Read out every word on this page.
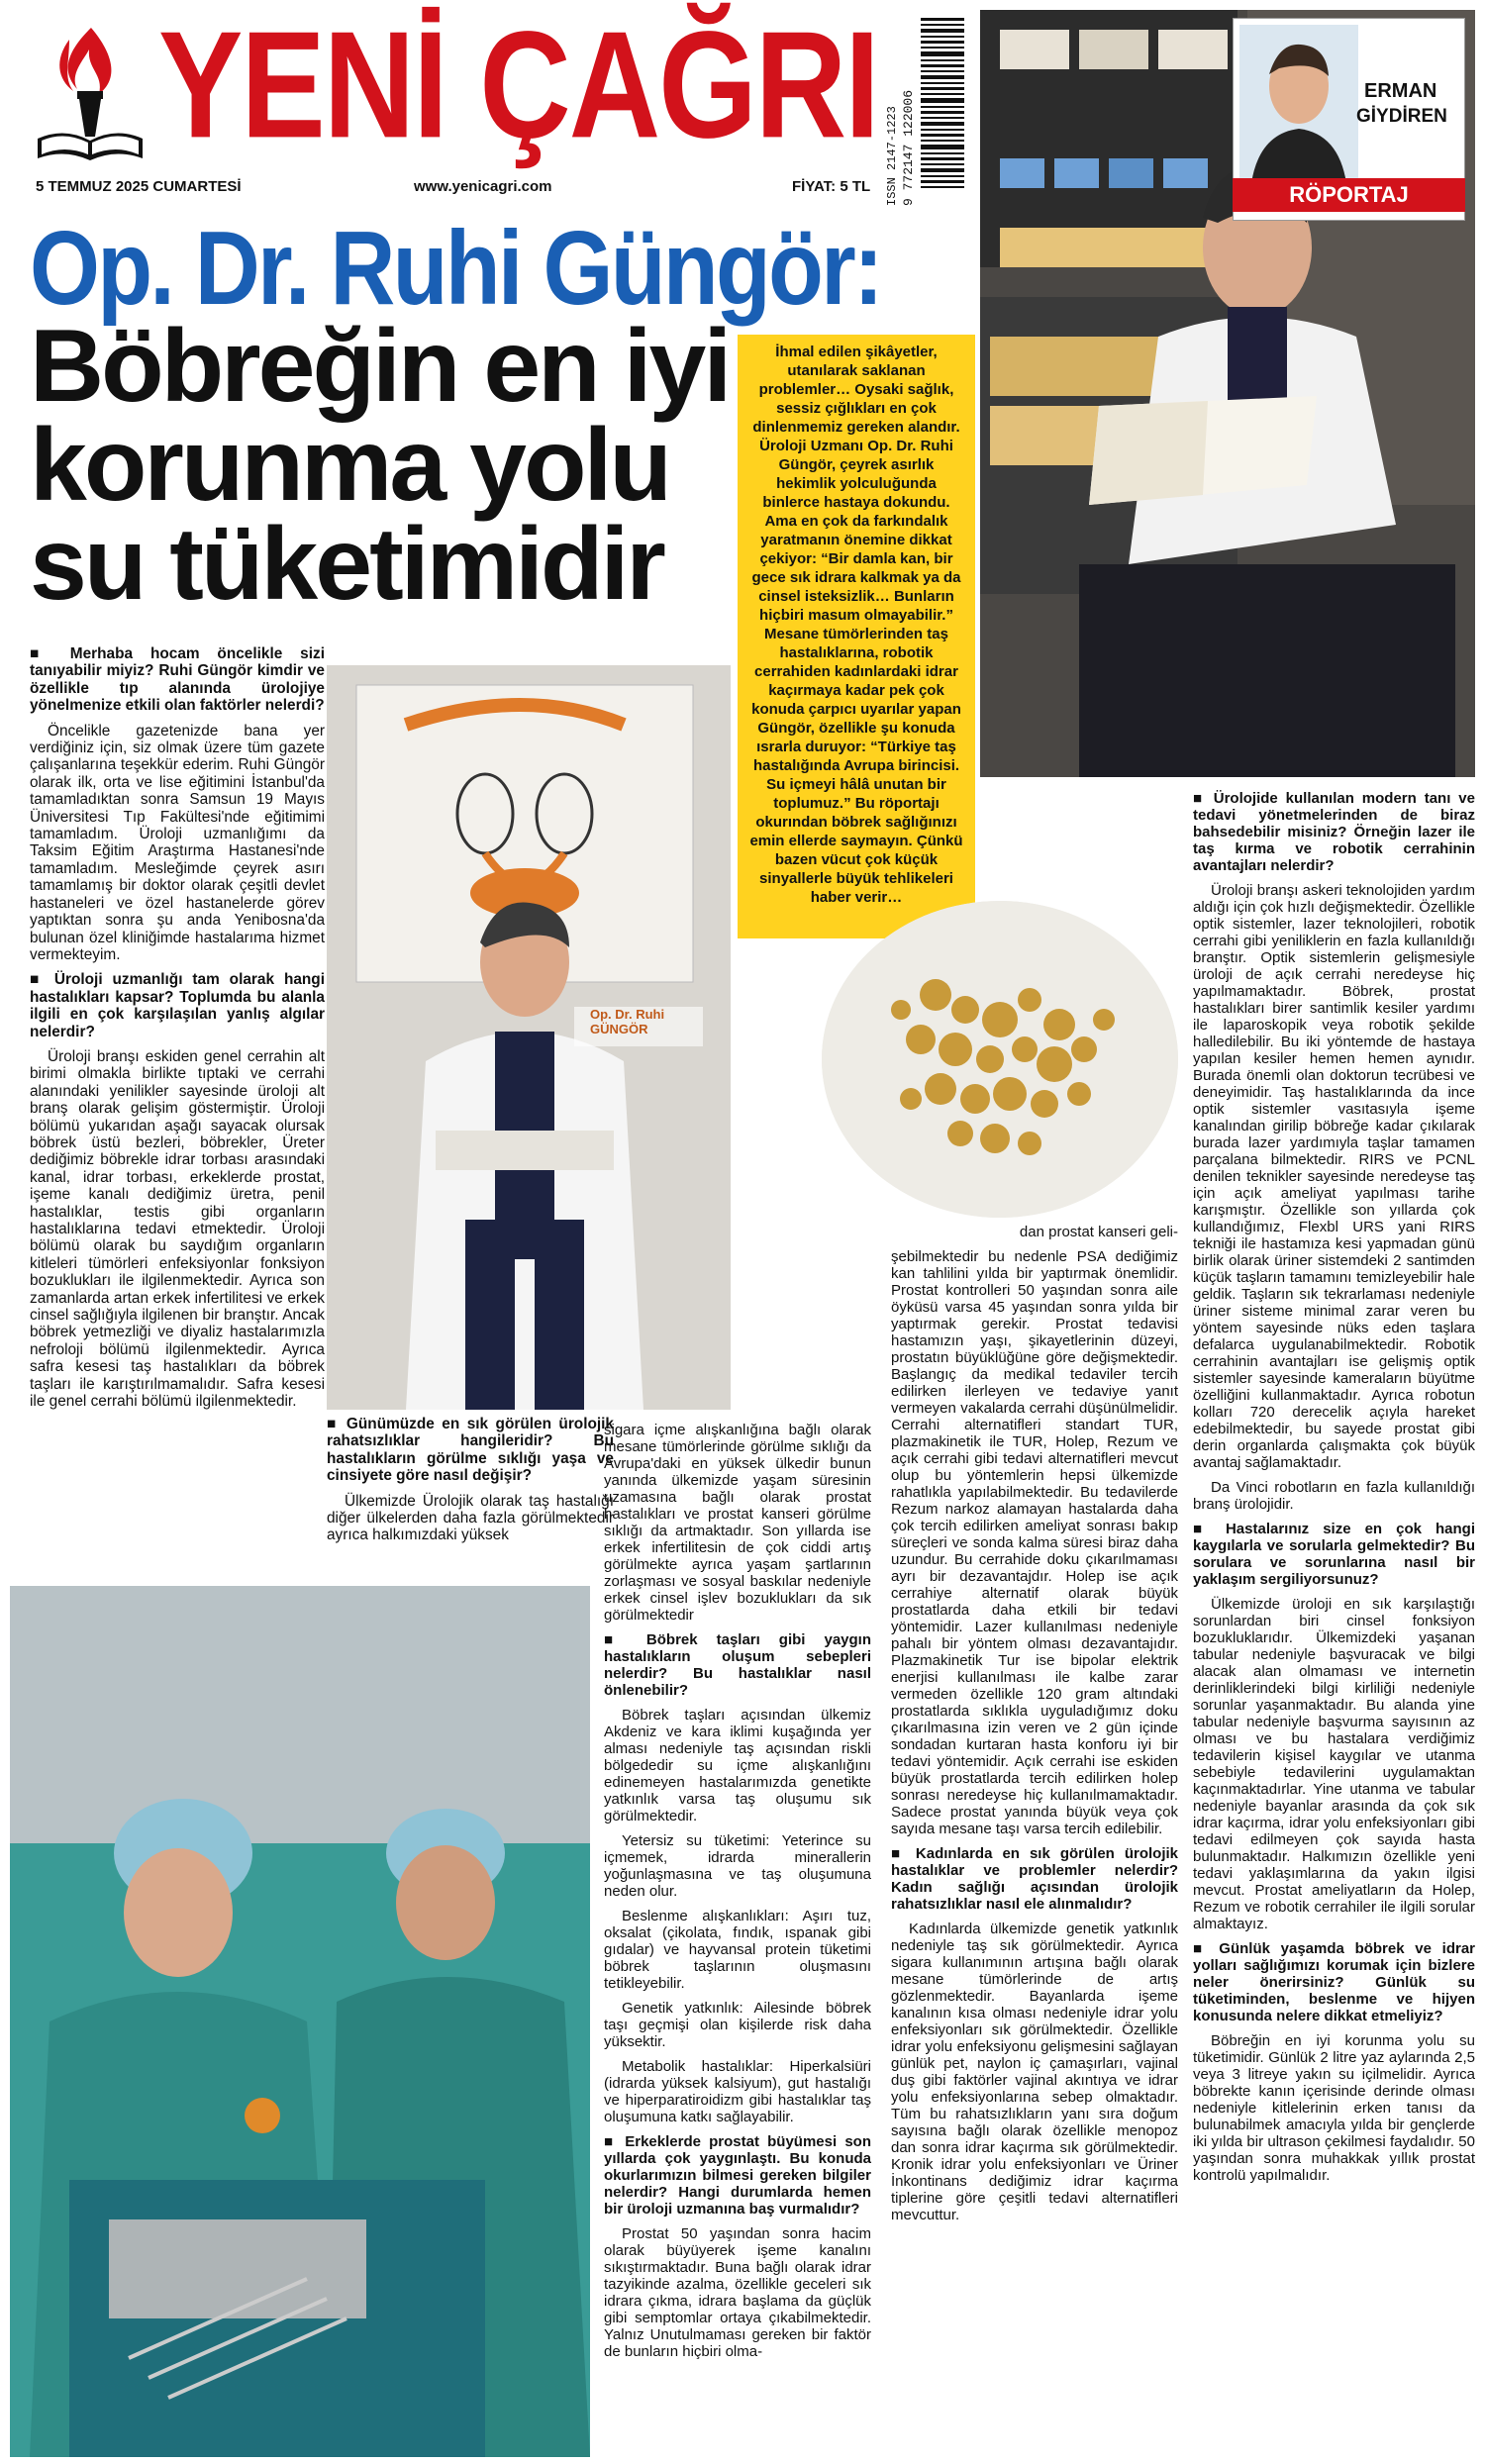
YENİ ÇAĞRI
5 TEMMUZ 2025 CUMARTESİ	www.yenicagri.com	FİYAT: 5 TL ISSN 2147-1223 9 772147 122006	ERMAN
GİYDİREN
RÖPORTAJ
Op. Dr. Ruhi Güngör:
Böbreğin en iyi korunma yolu su tüketimidir
İhmal edilen şikâyetler, utanılarak saklanan problemler… Oysaki sağlık, sessiz çığlıkları en çok dinlenmemiz gereken alandır. Üroloji Uzmanı Op. Dr. Ruhi Güngör, çeyrek asırlık hekimlik yolculuğunda binlerce hastaya dokundu. Ama en çok da farkındalık yaratmanın önemine dikkat çekiyor: “Bir damla kan, bir gece sık idrara kalkmak ya da cinsel isteksizlik… Bunların hiçbiri masum olmayabilir.” Mesane tümörlerinden taş hastalıklarına, robotik cerrahiden kadınlardaki idrar kaçırmaya kadar pek çok konuda çarpıcı uyarılar yapan Güngör, özellikle şu konuda ısrarla duruyor: “Türkiye taş hastalığında Avrupa birincisi. Su içmeyi hâlâ unutan bir toplumuz.” Bu röportajı okurından böbrek sağlığınızı emin ellerde saymayın. Çünkü bazen vücut çok küçük sinyallerle büyük tehlikeleri haber verir…
Op. Dr. Ruhi GÜNGÖR

■ Merhaba hocam öncelikle sizi tanıyabilir miyiz? Ruhi Güngör kimdir ve özellikle tıp alanında ürolojiye yönelmenize etkili olan faktörler nelerdi?

Öncelikle gazetenizde bana yer verdiğiniz için, siz olmak üzere tüm gazete çalışanlarına teşekkür ederim. Ruhi Güngör olarak ilk, orta ve lise eğitimini İstanbul'da tamamladıktan sonra Samsun 19 Mayıs Üniversitesi Tıp Fakültesi'nde eğitimimi tamamladım. Üroloji uzmanlığımı da Taksim Eğitim Araştırma Hastanesi'nde tamamladım. Mesleğimde çeyrek asırı tamamlamış bir doktor olarak çeşitli devlet hastaneleri ve özel hastanelerde görev yaptıktan sonra şu anda Yenibosna'da bulunan özel kliniğimde hastalarıma hizmet vermekteyim.

■ Üroloji uzmanlığı tam olarak hangi hastalıkları kapsar? Toplumda bu alanla ilgili en çok karşılaşılan yanlış algılar nelerdir?

Üroloji branşı eskiden genel cerrahin alt birimi olmakla birlikte tıptaki ve cerrahi alanındaki yenilikler sayesinde üroloji alt branş olarak gelişim göstermiştir. Üroloji bölümü yukarıdan aşağı sayacak olursak böbrek üstü bezleri, böbrekler, Üreter dediğimiz böbrekle idrar torbası arasındaki kanal, idrar torbası, erkeklerde prostat, işeme kanalı dediğimiz üretra, penil hastalıklar, testis gibi organların hastalıklarına tedavi etmektedir. Üroloji bölümü olarak bu saydığım organların kitleleri tümörleri enfeksiyonlar fonksiyon bozuklukları ile ilgilenmektedir. Ayrıca son zamanlarda artan erkek infertilitesi ve erkek cinsel sağlığıyla ilgilenen bir branştır. Ancak böbrek yetmezliği ve diyaliz hastalarımızla nefroloji bölümü ilgilenmektedir. Ayrıca safra kesesi taş hastalıkları da böbrek taşları ile karıştırılmamalıdır. Safra kesesi ile genel cerrahi bölümü ilgilenmektedir.

■ Günümüzde en sık görülen ürolojik rahatsızlıklar hangileridir? Bu hastalıkların görülme sıklığı yaşa ve cinsiyete göre nasıl değişir?

Ülkemizde Ürolojik olarak taş hastalığı diğer ülkelerden daha fazla görülmektedir ayrıca halkımızdaki yüksek

sigara içme alışkanlığına bağlı olarak mesane tümörlerinde görülme sıklığı da Avrupa'daki en yüksek ülkedir bunun yanında ülkemizde yaşam süresinin uzamasına bağlı olarak prostat hastalıkları ve prostat kanseri görülme sıklığı da artmaktadır. Son yıllarda ise erkek infertilitesin de çok ciddi artış görülmekte ayrıca yaşam şartlarının zorlaşması ve sosyal baskılar nedeniyle erkek cinsel işlev bozuklukları da sık görülmektedir

■ Böbrek taşları gibi yaygın hastalıkların oluşum sebepleri nelerdir? Bu hastalıklar nasıl önlenebilir?

Böbrek taşları açısından ülkemiz Akdeniz ve kara iklimi kuşağında yer alması nedeniyle taş açısından riskli bölgededir su içme alışkanlığını edinemeyen hastalarımızda genetikte yatkınlık varsa taş oluşumu sık görülmektedir.

Yetersiz su tüketimi: Yeterince su içmemek, idrarda minerallerin yoğunlaşmasına ve taş oluşumuna neden olur.

Beslenme alışkanlıkları: Aşırı tuz, oksalat (çikolata, fındık, ıspanak gibi gıdalar) ve hayvansal protein tüketimi böbrek taşlarının oluşmasını tetikleyebilir.

Genetik yatkınlık: Ailesinde böbrek taşı geçmişi olan kişilerde risk daha yüksektir.

Metabolik hastalıklar: Hiperkalsiüri (idrarda yüksek kalsiyum), gut hastalığı ve hiperparatiroidizm gibi hastalıklar taş oluşumuna katkı sağlayabilir.

■ Erkeklerde prostat büyümesi son yıllarda çok yaygınlaştı. Bu konuda okurlarımızın bilmesi gereken bilgiler nelerdir? Hangi durumlarda hemen bir üroloji uzmanına baş vurmalıdır?

Prostat 50 yaşından sonra hacim olarak büyüyerek işeme kanalını sıkıştırmaktadır. Buna bağlı olarak idrar tazyikinde azalma, özellikle geceleri sık idrara çıkma, idrara başlama da güçlük gibi semptomlar ortaya çıkabilmektedir. Yalnız Unutulmaması gereken bir faktör de bunların hiçbiri olma-

dan prostat kanseri geli-

şebilmektedir bu nedenle PSA dediğimiz kan tahlilini yılda bir yaptırmak önemlidir. Prostat kontrolleri 50 yaşından sonra aile öyküsü varsa 45 yaşından sonra yılda bir yaptırmak gerekir. Prostat tedavisi hastamızın yaşı, şikayetlerinin düzeyi, prostatın büyüklüğüne göre değişmektedir. Başlangıç da medikal tedaviler tercih edilirken ilerleyen ve tedaviye yanıt vermeyen vakalarda cerrahi düşünülmelidir. Cerrahi alternatifleri standart TUR, plazmakinetik ile TUR, Holep, Rezum ve açık cerrahi gibi tedavi alternatifleri mevcut olup bu yöntemlerin hepsi ülkemizde rahatlıkla yapılabilmektedir. Bu tedavilerde Rezum narkoz alamayan hastalarda daha çok tercih edilirken ameliyat sonrası bakıp süreçleri ve sonda kalma süresi biraz daha uzundur. Bu cerrahide doku çıkarılmaması ayrı bir dezavantajdır. Holep ise açık cerrahiye alternatif olarak büyük prostatlarda daha etkili bir tedavi yöntemidir. Lazer kullanılması nedeniyle pahalı bir yöntem olması dezavantajıdır. Plazmakinetik Tur ise bipolar elektrik enerjisi kullanılması ile kalbe zarar vermeden özellikle 120 gram altındaki prostatlarda sıklıkla uyguladığımız doku çıkarılmasına izin veren ve 2 gün içinde sondadan kurtaran hasta konforu iyi bir tedavi yöntemidir. Açık cerrahi ise eskiden büyük prostatlarda tercih edilirken holep sonrası neredeyse hiç kullanılmamaktadır. Sadece prostat yanında büyük veya çok sayıda mesane taşı varsa tercih edilebilir.

■ Kadınlarda en sık görülen ürolojik hastalıklar ve problemler nelerdir? Kadın sağlığı açısından ürolojik rahatsızlıklar nasıl ele alınmalıdır?

Kadınlarda ülkemizde genetik yatkınlık nedeniyle taş sık görülmektedir. Ayrıca sigara kullanımının artışına bağlı olarak mesane tümörlerinde de artış gözlenmektedir. Bayanlarda işeme kanalının kısa olması nedeniyle idrar yolu enfeksiyonları sık görülmektedir. Özellikle idrar yolu enfeksiyonu gelişmesini sağlayan günlük pet, naylon iç çamaşırları, vajinal duş gibi faktörler vajinal akıntıya ve idrar yolu enfeksiyonlarına sebep olmaktadır. Tüm bu rahatsızlıkların yanı sıra doğum sayısına bağlı olarak özellikle menopoz dan sonra idrar kaçırma sık görülmektedir. Kronik idrar yolu enfeksiyonları ve Üriner İnkontinans dediğimiz idrar kaçırma tiplerine göre çeşitli tedavi alternatifleri mevcuttur.

■ Ürolojide kullanılan modern tanı ve tedavi yönetmelerinden de biraz bahsedebilir misiniz? Örneğin lazer ile taş kırma ve robotik cerrahinin avantajları nelerdir?

Üroloji branşı askeri teknolojiden yardım aldığı için çok hızlı değişmektedir. Özellikle optik sistemler, lazer teknolojileri, robotik cerrahi gibi yeniliklerin en fazla kullanıldığı branştır. Optik sistemlerin gelişmesiyle üroloji de açık cerrahi neredeyse hiç yapılmamaktadır. Böbrek, prostat hastalıkları birer santimlik kesiler yardımı ile laparoskopik veya robotik şekilde halledilebilir. Bu iki yöntemde de hastaya yapılan kesiler hemen hemen aynıdır. Burada önemli olan doktorun tecrübesi ve deneyimidir. Taş hastalıklarında da ince optik sistemler vasıtasıyla işeme kanalından girilip böbreğe kadar çıkılarak burada lazer yardımıyla taşlar tamamen parçalana bilmektedir. RIRS ve PCNL denilen teknikler sayesinde neredeyse taş için açık ameliyat yapılması tarihe karışmıştır. Özellikle son yıllarda çok kullandığımız, Flexbl URS yani RIRS tekniği ile hastamıza kesi yapmadan günü birlik olarak üriner sistemdeki 2 santimden küçük taşların tamamını temizleyebilir hale geldik. Taşların sık tekrarlaması nedeniyle üriner sisteme minimal zarar veren bu yöntem sayesinde nüks eden taşlara defalarca uygulanabilmektedir. Robotik cerrahinin avantajları ise gelişmiş optik sistemler sayesinde kameraların büyütme özelliğini kullanmaktadır. Ayrıca robotun kolları 720 derecelik açıyla hareket edebilmektedir, bu sayede prostat gibi derin organlarda çalışmakta çok büyük avantaj sağlamaktadır.

Da Vinci robotların en fazla kullanıldığı branş ürolojidir.

■ Hastalarınız size en çok hangi kaygılarla ve sorularla gelmektedir? Bu sorulara ve sorunlarına nasıl bir yaklaşım sergiliyorsunuz?

Ülkemizde üroloji en sık karşılaştığı sorunlardan biri cinsel fonksiyon bozukluklarıdır. Ülkemizdeki yaşanan tabular nedeniyle başvuracak ve bilgi alacak alan olmaması ve internetin derinliklerindeki bilgi kirliliği nedeniyle sorunlar yaşanmaktadır. Bu alanda yine tabular nedeniyle başvurma sayısının az olması ve bu hastalara verdiğimiz tedavilerin kişisel kaygılar ve utanma sebebiyle tedavilerini uygulamaktan kaçınmaktadırlar. Yine utanma ve tabular nedeniyle bayanlar arasında da çok sık idrar kaçırma, idrar yolu enfeksiyonları gibi tedavi edilmeyen çok sayıda hasta bulunmaktadır. Halkımızın özellikle yeni tedavi yaklaşımlarına da yakın ilgisi mevcut. Prostat ameliyatların da Holep, Rezum ve robotik cerrahiler ile ilgili sorular almaktayız.

■ Günlük yaşamda böbrek ve idrar yolları sağlığımızı korumak için bizlere neler önerirsiniz? Günlük su tüketiminden, beslenme ve hijyen konusunda nelere dikkat etmeliyiz?

Böbreğin en iyi korunma yolu su tüketimidir. Günlük 2 litre yaz aylarında 2,5 veya 3 litreye yakın su içilmelidir. Ayrıca böbrekte kanın içerisinde derinde olması nedeniyle kitlelerinin erken tanısı da bulunabilmek amacıyla yılda bir gençlerde iki yılda bir ultrason çekilmesi faydalıdır. 50 yaşından sonra muhakkak yıllık prostat kontrolü yapılmalıdır.
